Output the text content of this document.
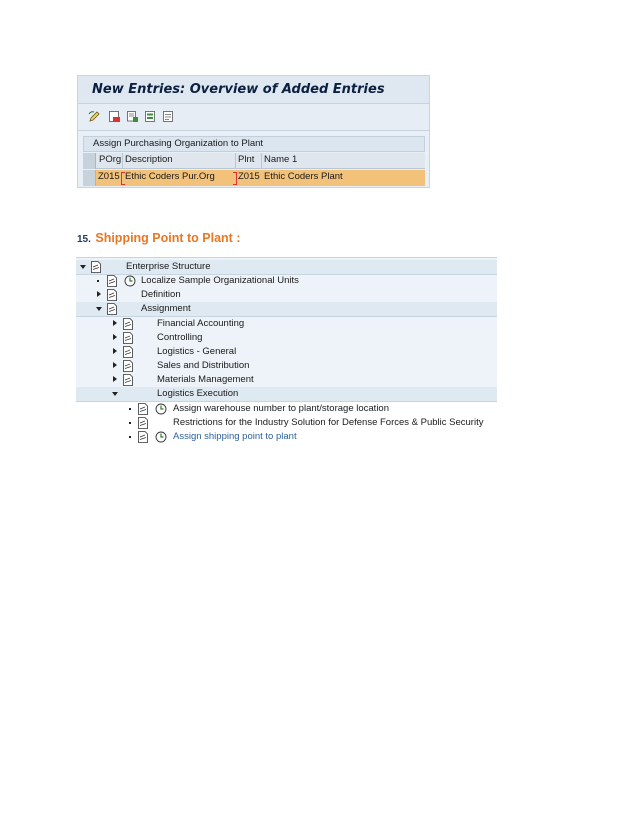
New Entries: Overview of Added Entries
Assign Purchasing Organization to Plant
POrg Description	Plnt Name 1
Z015 Ethic Coders Pur.Org Z015 Ethic Coders Plant
15. Shipping Point to Plant :
Enterprise Structure
Localize Sample Organizational Units
Definition
Assignment
Financial Accounting
Controlling
Logistics - General
Sales and Distribution
Materials Management
Logistics Execution
Assign warehouse number to plant/storage location
Restrictions for the Industry Solution for Defense Forces & Public Security
Assign shipping point to plant
